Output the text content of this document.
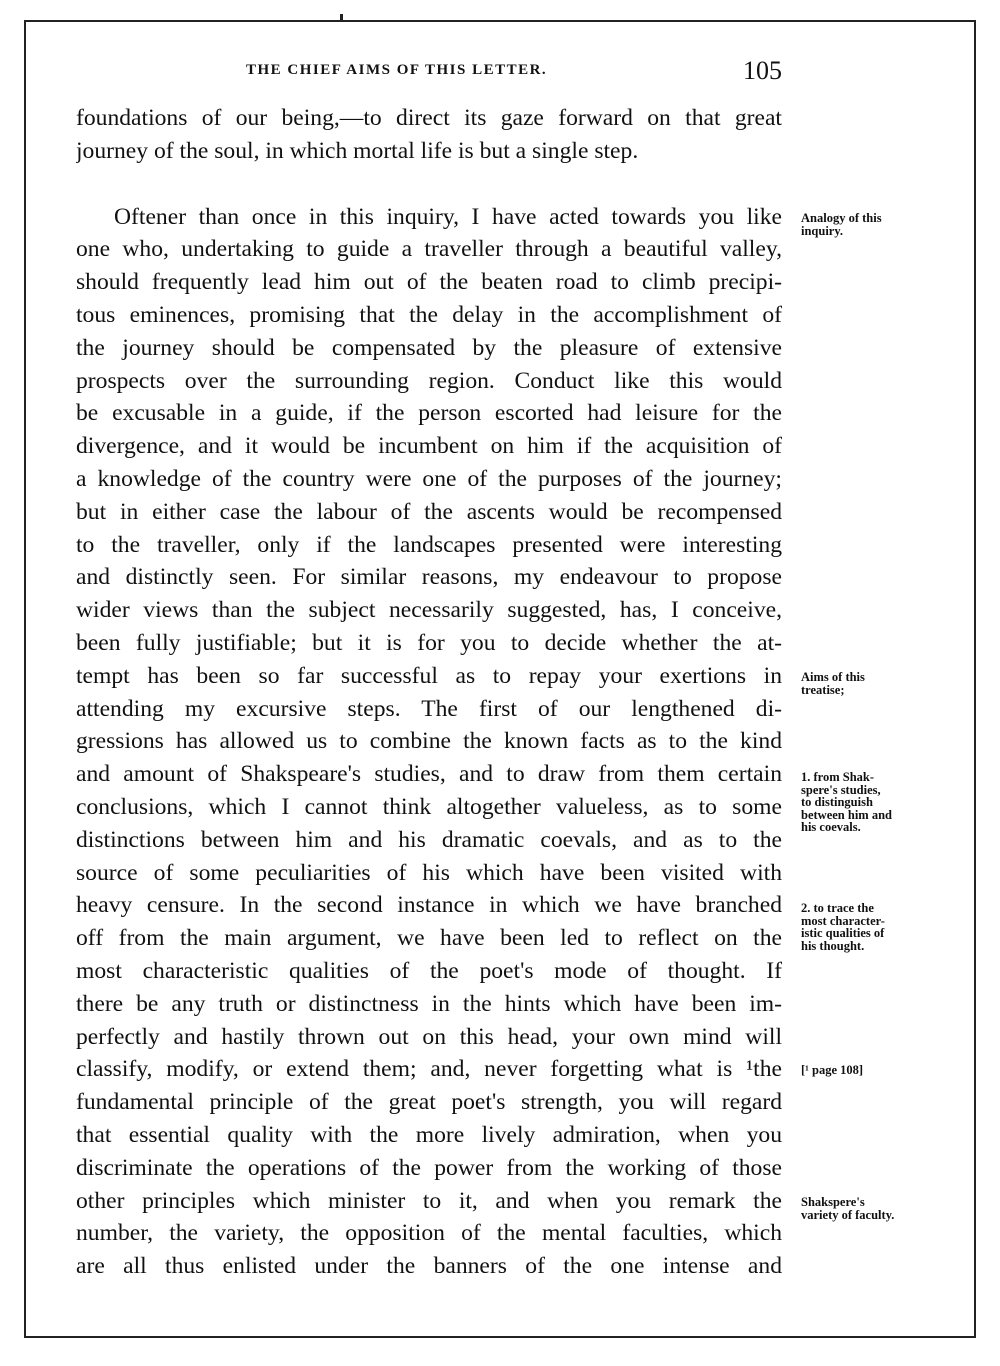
THE CHIEF AIMS OF THIS LETTER.	105
foundations of our being,—to direct its gaze forward on that great
journey of the soul, in which mortal life is but a single step.
Oftener than once in this inquiry, I have acted towards you like
one who, undertaking to guide a traveller through a beautiful valley,
should frequently lead him out of the beaten road to climb precipi-
tous eminences, promising that the delay in the accomplishment of
the journey should be compensated by the pleasure of extensive
prospects over the surrounding region. Conduct like this would
be excusable in a guide, if the person escorted had leisure for the
divergence, and it would be incumbent on him if the acquisition of
a knowledge of the country were one of the purposes of the journey;
but in either case the labour of the ascents would be recompensed
to the traveller, only if the landscapes presented were interesting
and distinctly seen. For similar reasons, my endeavour to propose
wider views than the subject necessarily suggested, has, I conceive,
been fully justifiable; but it is for you to decide whether the at-
tempt has been so far successful as to repay your exertions in
attending my excursive steps. The first of our lengthened di-
gressions has allowed us to combine the known facts as to the kind
and amount of Shakspeare's studies, and to draw from them certain
conclusions, which I cannot think altogether valueless, as to some
distinctions between him and his dramatic coevals, and as to the
source of some peculiarities of his which have been visited with
heavy censure. In the second instance in which we have branched
off from the main argument, we have been led to reflect on the
most characteristic qualities of the poet's mode of thought. If
there be any truth or distinctness in the hints which have been im-
perfectly and hastily thrown out on this head, your own mind will
classify, modify, or extend them; and, never forgetting what is ¹the
fundamental principle of the great poet's strength, you will regard
that essential quality with the more lively admiration, when you
discriminate the operations of the power from the working of those
other principles which minister to it, and when you remark the
number, the variety, the opposition of the mental faculties, which
are all thus enlisted under the banners of the one intense and
Analogy of this
inquiry.
Aims of this
treatise;
1. from Shak-
spere's studies,
to distinguish
between him and
his coevals.
2. to trace the
most character-
istic qualities of
his thought.
[¹ page 108]
Shakspere's
variety of faculty.
